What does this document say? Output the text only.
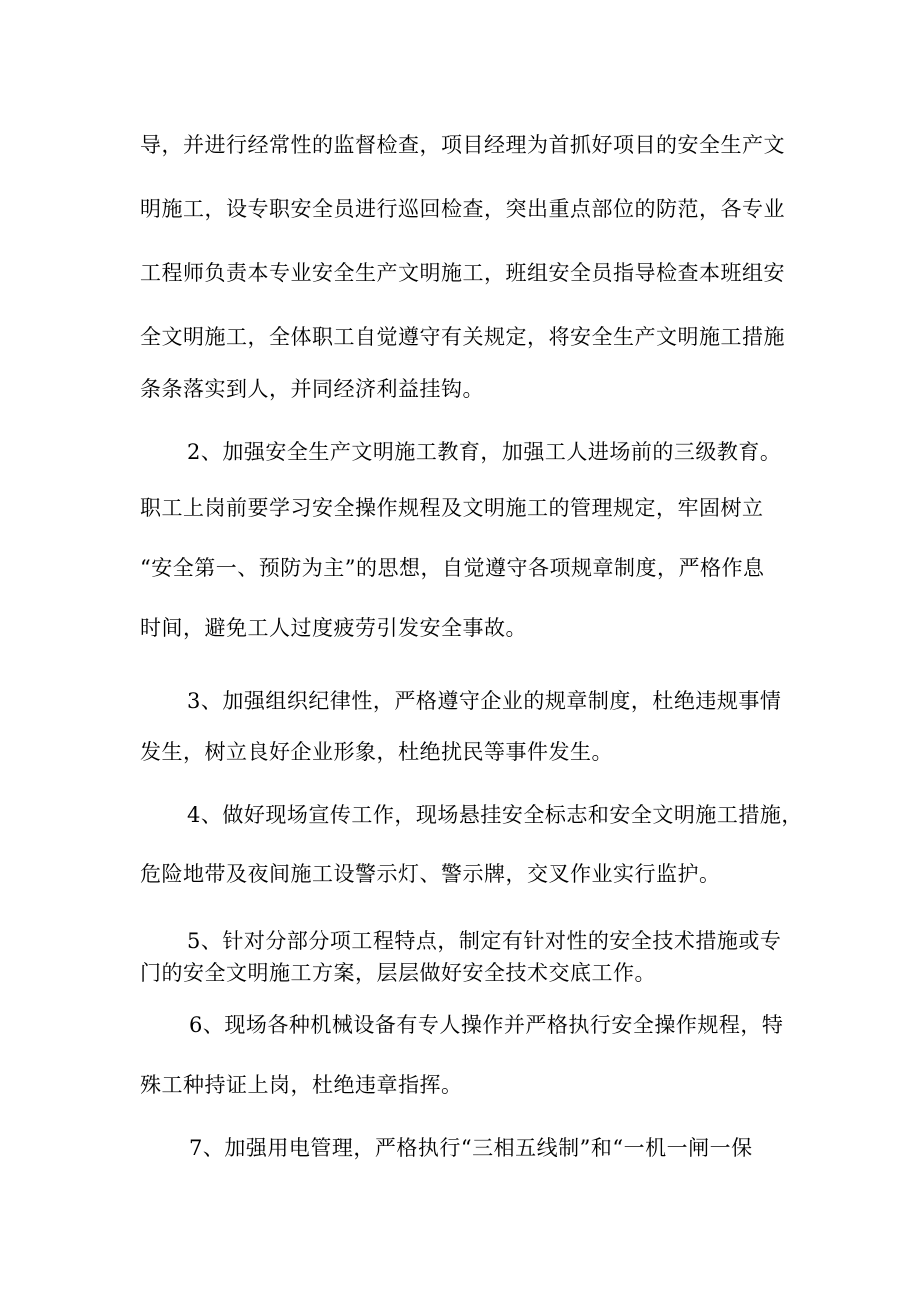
导，并进行经常性的监督检查，项目经理为首抓好项目的安全生产文
明施工，设专职安全员进行巡回检查，突出重点部位的防范，各专业
工程师负责本专业安全生产文明施工，班组安全员指导检查本班组安
全文明施工，全体职工自觉遵守有关规定，将安全生产文明施工措施
条条落实到人，并同经济利益挂钩。
2、加强安全生产文明施工教育，加强工人进场前的三级教育。
职工上岗前要学习安全操作规程及文明施工的管理规定，牢固树立
“安全第一、预防为主”的思想，自觉遵守各项规章制度，严格作息
时间，避免工人过度疲劳引发安全事故。
3、加强组织纪律性，严格遵守企业的规章制度，杜绝违规事情
发生，树立良好企业形象，杜绝扰民等事件发生。
4、做好现场宣传工作，现场悬挂安全标志和安全文明施工措施，
危险地带及夜间施工设警示灯、警示牌，交叉作业实行监护。
5、针对分部分项工程特点，制定有针对性的安全技术措施或专
门的安全文明施工方案，层层做好安全技术交底工作。
6、现场各种机械设备有专人操作并严格执行安全操作规程，特
殊工种持证上岗，杜绝违章指挥。
7、加强用电管理，严格执行“三相五线制”和“一机一闸一保
